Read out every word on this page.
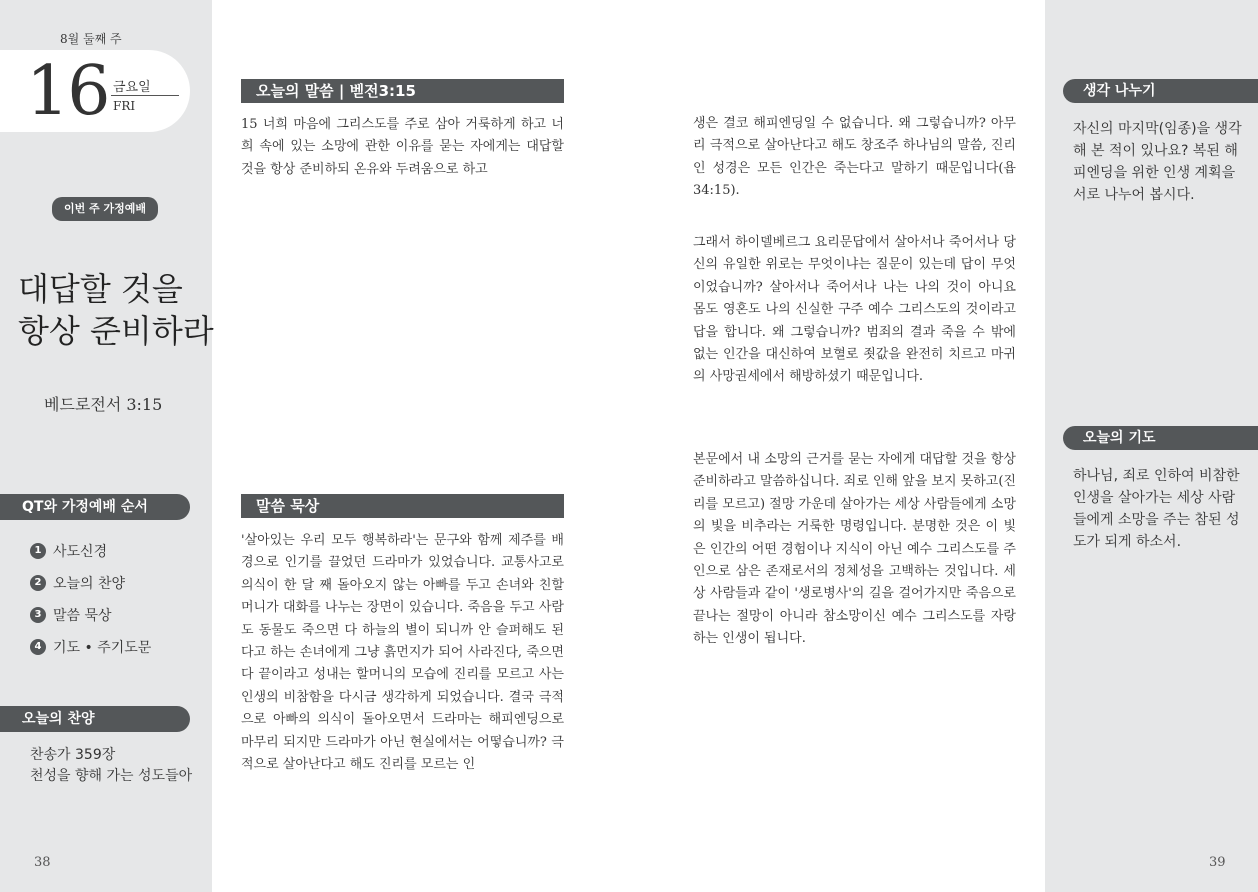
8월 둘째 주
16 금요일
FRI
이번 주 가정예배
대답할 것을
항상 준비하라
베드로전서 3:15
QT와 가정예배 순서
1 사도신경
2 오늘의 찬양
3 말씀 묵상
4 기도 • 주기도문
오늘의 찬양
찬송가 359장
천성을 향해 가는 성도들아
38
오늘의 말씀 | 벧전3:15
15 너희 마음에 그리스도를 주로 삼아 거룩하게 하고 너희 속에 있는 소망에 관한 이유를 묻는 자에게는 대답할 것을 항상 준비하되 온유와 두려움으로 하고
말씀 묵상
'살아있는 우리 모두 행복하라'는 문구와 함께 제주를 배경으로 인기를 끌었던 드라마가 있었습니다. 교통사고로 의식이 한 달 째 돌아오지 않는 아빠를 두고 손녀와 친할머니가 대화를 나누는 장면이 있습니다. 죽음을 두고 사람도 동물도 죽으면 다 하늘의 별이 되니까 안 슬퍼해도 된다고 하는 손녀에게 그냥 흙먼지가 되어 사라진다, 죽으면 다 끝이라고 성내는 할머니의 모습에 진리를 모르고 사는 인생의 비참함을 다시금 생각하게 되었습니다. 결국 극적으로 아빠의 의식이 돌아오면서 드라마는 해피엔딩으로 마무리 되지만 드라마가 아닌 현실에서는 어떻습니까? 극적으로 살아난다고 해도 진리를 모르는 인
생은 결코 해피엔딩일 수 없습니다. 왜 그렇습니까? 아무리 극적으로 살아난다고 해도 창조주 하나님의 말씀, 진리인 성경은 모든 인간은 죽는다고 말하기 때문입니다(욥34:15).
그래서 하이델베르그 요리문답에서 살아서나 죽어서나 당신의 유일한 위로는 무엇이냐는 질문이 있는데 답이 무엇이었습니까? 살아서나 죽어서나 나는 나의 것이 아니요 몸도 영혼도 나의 신실한 구주 예수 그리스도의 것이라고 답을 합니다. 왜 그렇습니까? 범죄의 결과 죽을 수 밖에 없는 인간을 대신하여 보혈로 죗값을 완전히 치르고 마귀의 사망권세에서 해방하셨기 때문입니다.
본문에서 내 소망의 근거를 묻는 자에게 대답할 것을 항상 준비하라고 말씀하십니다. 죄로 인해 앞을 보지 못하고(진리를 모르고) 절망 가운데 살아가는 세상 사람들에게 소망의 빛을 비추라는 거룩한 명령입니다. 분명한 것은 이 빛은 인간의 어떤 경험이나 지식이 아닌 예수 그리스도를 주인으로 삼은 존재로서의 정체성을 고백하는 것입니다. 세상 사람들과 같이 '생로병사'의 길을 걸어가지만 죽음으로 끝나는 절망이 아니라 참소망이신 예수 그리스도를 자랑하는 인생이 됩니다.
생각 나누기
자신의 마지막(임종)을 생각해 본 적이 있나요? 복된 해피엔딩을 위한 인생 계획을 서로 나누어 봅시다.
오늘의 기도
하나님, 죄로 인하여 비참한 인생을 살아가는 세상 사람들에게 소망을 주는 참된 성도가 되게 하소서.
39
